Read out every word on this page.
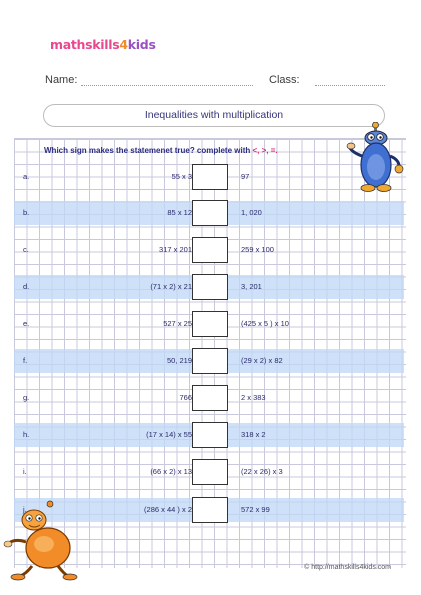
mathskills4kids
Name:	Class:
Inequalities with multiplication
Which sign makes the statemenet true? complete with <, >, =.
a.	55 x 3	97
b.	85 x 12	1, 020
c.	317 x 201	259 x 100
d.	(71 x 2) x 21	3, 201
e.	527 x 25	(425 x 5 ) x 10
f.	50, 219	(29 x 2) x 82
g.	766	2 x 383
h.	(17 x 14) x 55	318 x 2
i.	(66 x 2) x 13	(22 x 26) x 3
j.	(286 x 44 ) x 2	572 x 99
© http://mathskills4kids.com
